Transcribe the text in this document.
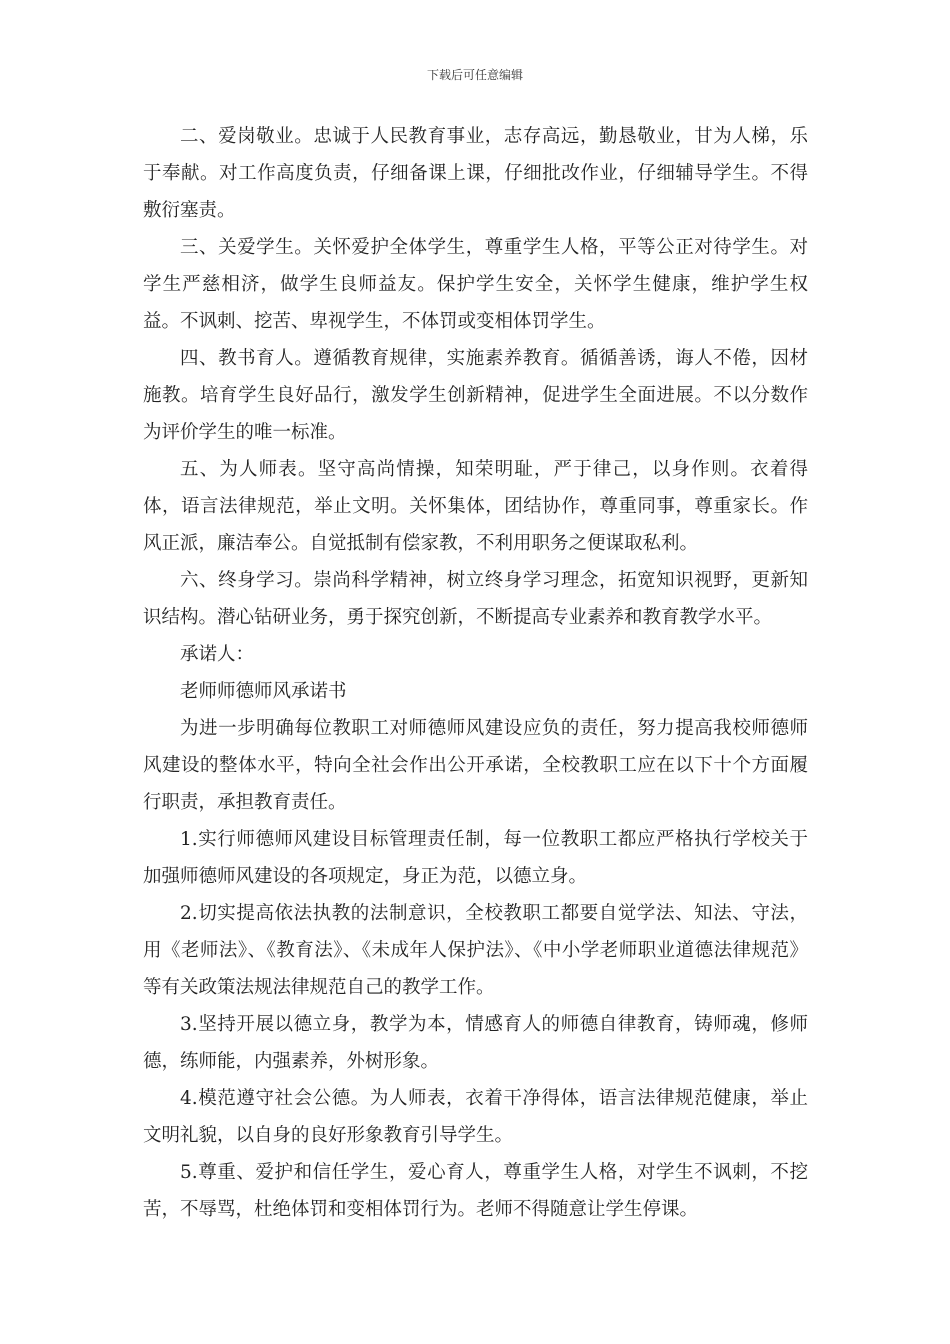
下载后可任意编辑

二、爱岗敬业。忠诚于人民教育事业，志存高远，勤恳敬业，甘为人梯，乐于奉献。对工作高度负责，仔细备课上课，仔细批改作业，仔细辅导学生。不得敷衍塞责。

三、关爱学生。关怀爱护全体学生，尊重学生人格，平等公正对待学生。对学生严慈相济，做学生良师益友。保护学生安全，关怀学生健康，维护学生权益。不讽刺、挖苦、卑视学生，不体罚或变相体罚学生。

四、教书育人。遵循教育规律，实施素养教育。循循善诱，诲人不倦，因材施教。培育学生良好品行，激发学生创新精神，促进学生全面进展。不以分数作为评价学生的唯一标准。

五、为人师表。坚守高尚情操，知荣明耻，严于律己，以身作则。衣着得体，语言法律规范，举止文明。关怀集体，团结协作，尊重同事，尊重家长。作风正派，廉洁奉公。自觉抵制有偿家教，不利用职务之便谋取私利。

六、终身学习。崇尚科学精神，树立终身学习理念，拓宽知识视野，更新知识结构。潜心钻研业务，勇于探究创新，不断提高专业素养和教育教学水平。

承诺人：

老师师德师风承诺书

为进一步明确每位教职工对师德师风建设应负的责任，努力提高我校师德师风建设的整体水平，特向全社会作出公开承诺，全校教职工应在以下十个方面履行职责，承担教育责任。

1.实行师德师风建设目标管理责任制，每一位教职工都应严格执行学校关于加强师德师风建设的各项规定，身正为范，以德立身。

2.切实提高依法执教的法制意识，全校教职工都要自觉学法、知法、守法，用《老师法》、《教育法》、《未成年人保护法》、《中小学老师职业道德法律规范》等有关政策法规法律规范自己的教学工作。

3.坚持开展以德立身，教学为本，情感育人的师德自律教育，铸师魂，修师德，练师能，内强素养，外树形象。

4.模范遵守社会公德。为人师表，衣着干净得体，语言法律规范健康，举止文明礼貌，以自身的良好形象教育引导学生。

5.尊重、爱护和信任学生，爱心育人，尊重学生人格，对学生不讽刺，不挖苦，不辱骂，杜绝体罚和变相体罚行为。老师不得随意让学生停课。
